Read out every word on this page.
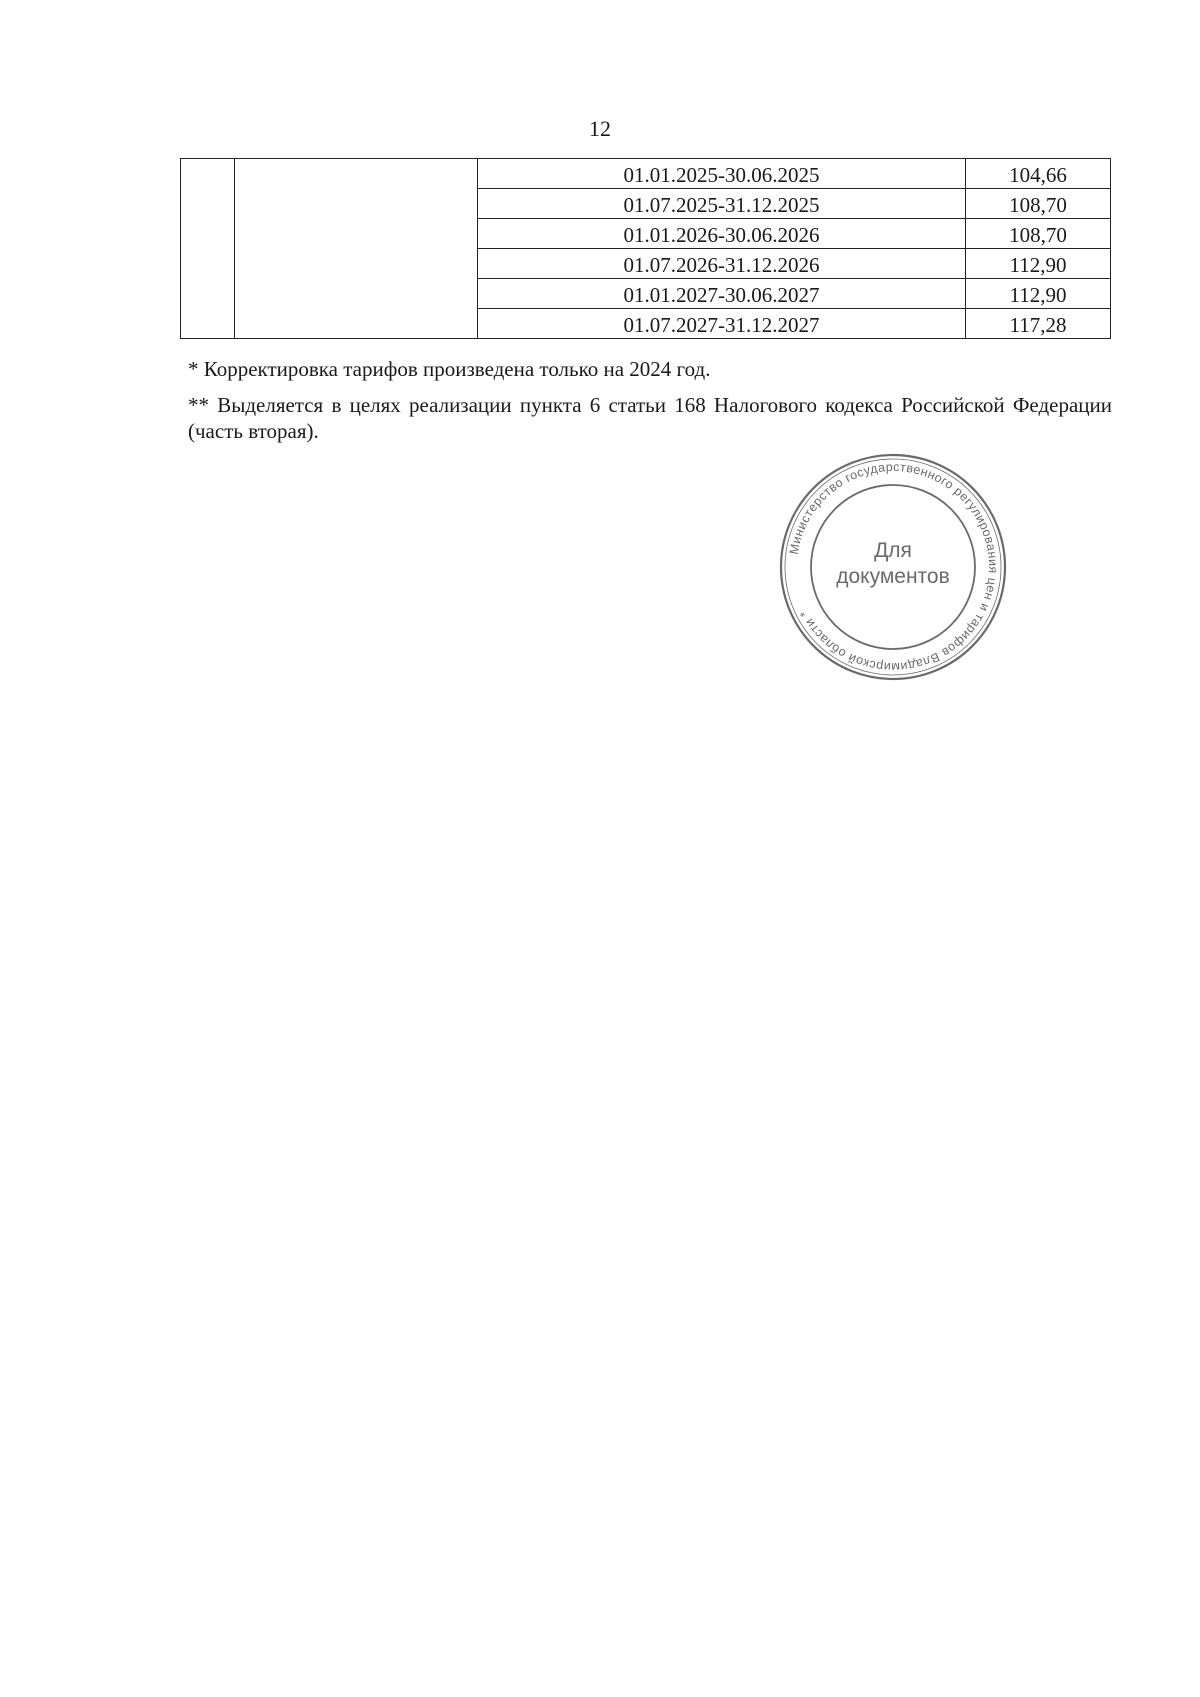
12
		01.01.2025-30.06.2025	104,66
		01.07.2025-31.12.2025	108,70
		01.01.2026-30.06.2026	108,70
		01.07.2026-31.12.2026	112,90
		01.01.2027-30.06.2027	112,90
		01.07.2027-31.12.2027	117,28
* Корректировка тарифов произведена только на 2024 год.
** Выделяется в целях реализации пункта 6 статьи 168 Налогового кодекса Российской Федерации (часть вторая).
Министерство государственного регулирования цен и тарифов Владимирской области *
Для
документов
